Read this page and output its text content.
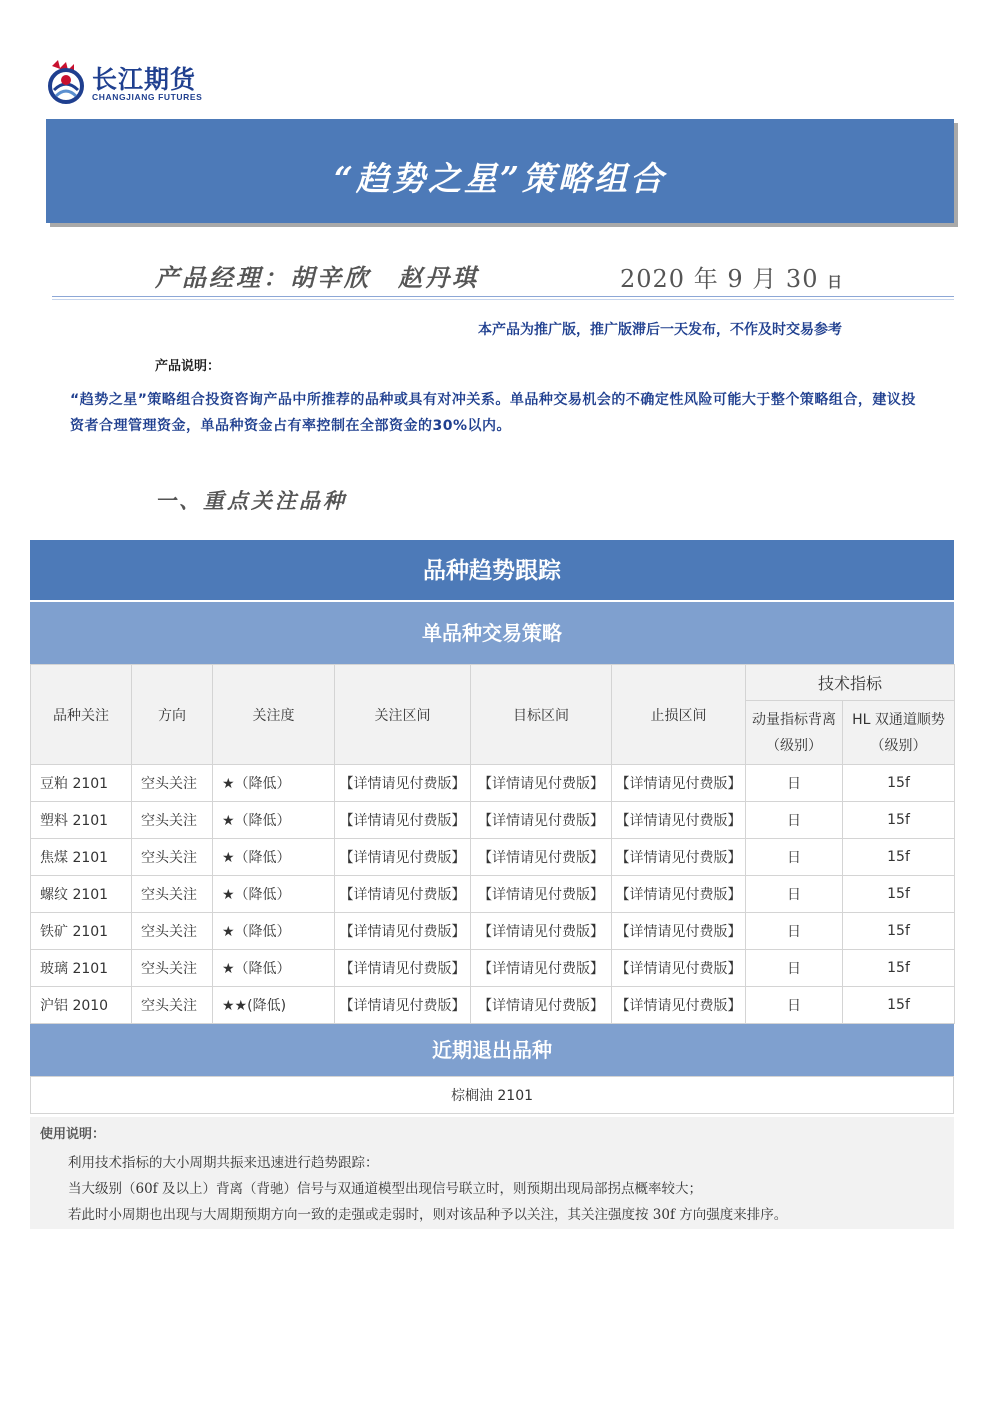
长江期货
CHANGJIANG FUTURES
“趋势之星”策略组合
产品经理：胡辛欣　赵丹琪	2020 年 9 月 30 日
本产品为推广版，推广版滞后一天发布，不作及时交易参考
产品说明：
“趋势之星”策略组合投资咨询产品中所推荐的品种或具有对冲关系。单品种交易机会的不确定性风险可能大于整个策略组合，建议投资者合理管理资金，单品种资金占有率控制在全部资金的30%以内。
一、重点关注品种
品种趋势跟踪
单品种交易策略
品种关注	方向	关注度	关注区间	目标区间	止损区间	技术指标	
						动量指标背离（级别）	HL 双通道顺势（级别）
豆粕 2101	空头关注	★（降低）	【详情请见付费版】	【详情请见付费版】	【详情请见付费版】	日	15f
塑料 2101	空头关注	★（降低）	【详情请见付费版】	【详情请见付费版】	【详情请见付费版】	日	15f
焦煤 2101	空头关注	★（降低）	【详情请见付费版】	【详情请见付费版】	【详情请见付费版】	日	15f
螺纹 2101	空头关注	★（降低）	【详情请见付费版】	【详情请见付费版】	【详情请见付费版】	日	15f
铁矿 2101	空头关注	★（降低）	【详情请见付费版】	【详情请见付费版】	【详情请见付费版】	日	15f
玻璃 2101	空头关注	★（降低）	【详情请见付费版】	【详情请见付费版】	【详情请见付费版】	日	15f
沪铝 2010	空头关注	★★(降低)	【详情请见付费版】	【详情请见付费版】	【详情请见付费版】	日	15f
近期退出品种
棕榈油 2101
使用说明：
利用技术指标的大小周期共振来迅速进行趋势跟踪：
当大级别（60f 及以上）背离（背驰）信号与双通道模型出现信号联立时，则预期出现局部拐点概率较大；
若此时小周期也出现与大周期预期方向一致的走强或走弱时，则对该品种予以关注，其关注强度按 30f 方向强度来排序。
